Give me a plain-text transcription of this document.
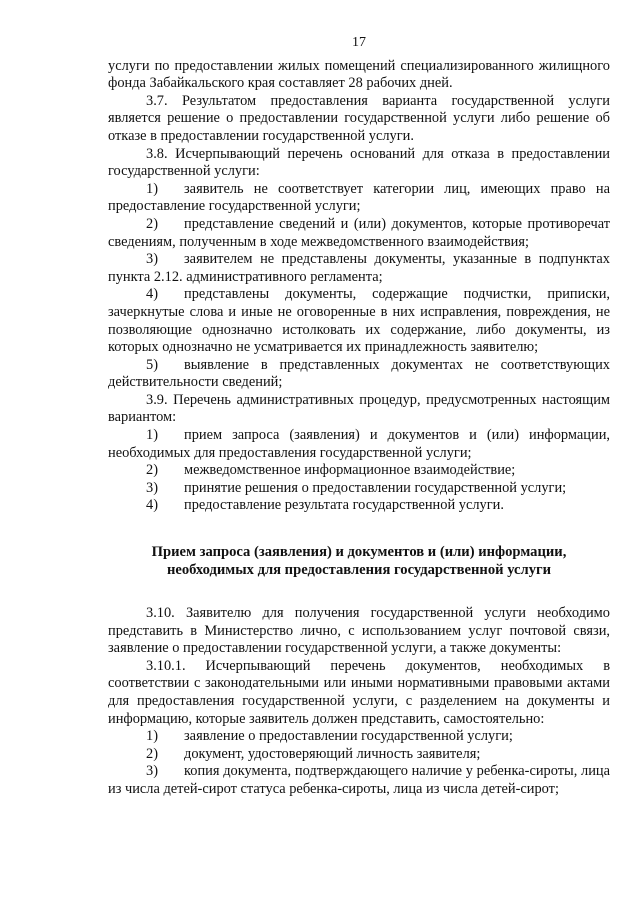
17

услуги по предоставлении жилых помещений специализированного жилищного фонда Забайкальского края составляет 28 рабочих дней.

3.7. Результатом предоставления варианта государственной услуги является решение о предоставлении государственной услуги либо решение об отказе в предоставлении государственной услуги.

3.8. Исчерпывающий перечень оснований для отказа в предоставлении государственной услуги:

1) заявитель не соответствует категории лиц, имеющих право на предоставление государственной услуги;

2) представление сведений и (или) документов, которые противоречат сведениям, полученным в ходе межведомственного взаимодействия;

3) заявителем не представлены документы, указанные в подпунктах пункта 2.12. административного регламента;

4) представлены документы, содержащие подчистки, приписки, зачеркнутые слова и иные не оговоренные в них исправления, повреждения, не позволяющие однозначно истолковать их содержание, либо документы, из которых однозначно не усматривается их принадлежность заявителю;

5) выявление в представленных документах не соответствующих действительности сведений;

3.9. Перечень административных процедур, предусмотренных настоящим вариантом:

1) прием запроса (заявления) и документов и (или) информации, необходимых для предоставления государственной услуги;

2) межведомственное информационное взаимодействие;

3) принятие решения о предоставлении государственной услуги;

4) предоставление результата государственной услуги.

Прием запроса (заявления) и документов и (или) информации, необходимых для предоставления государственной услуги

3.10. Заявителю для получения государственной услуги необходимо представить в Министерство лично, с использованием услуг почтовой связи, заявление о предоставлении государственной услуги, а также документы:

3.10.1. Исчерпывающий перечень документов, необходимых в соответствии с законодательными или иными нормативными правовыми актами для предоставления государственной услуги, с разделением на документы и информацию, которые заявитель должен представить, самостоятельно:

1) заявление о предоставлении государственной услуги;

2) документ, удостоверяющий личность заявителя;

3) копия документа, подтверждающего наличие у ребенка-сироты, лица из числа детей-сирот статуса ребенка-сироты, лица из числа детей-сирот;
